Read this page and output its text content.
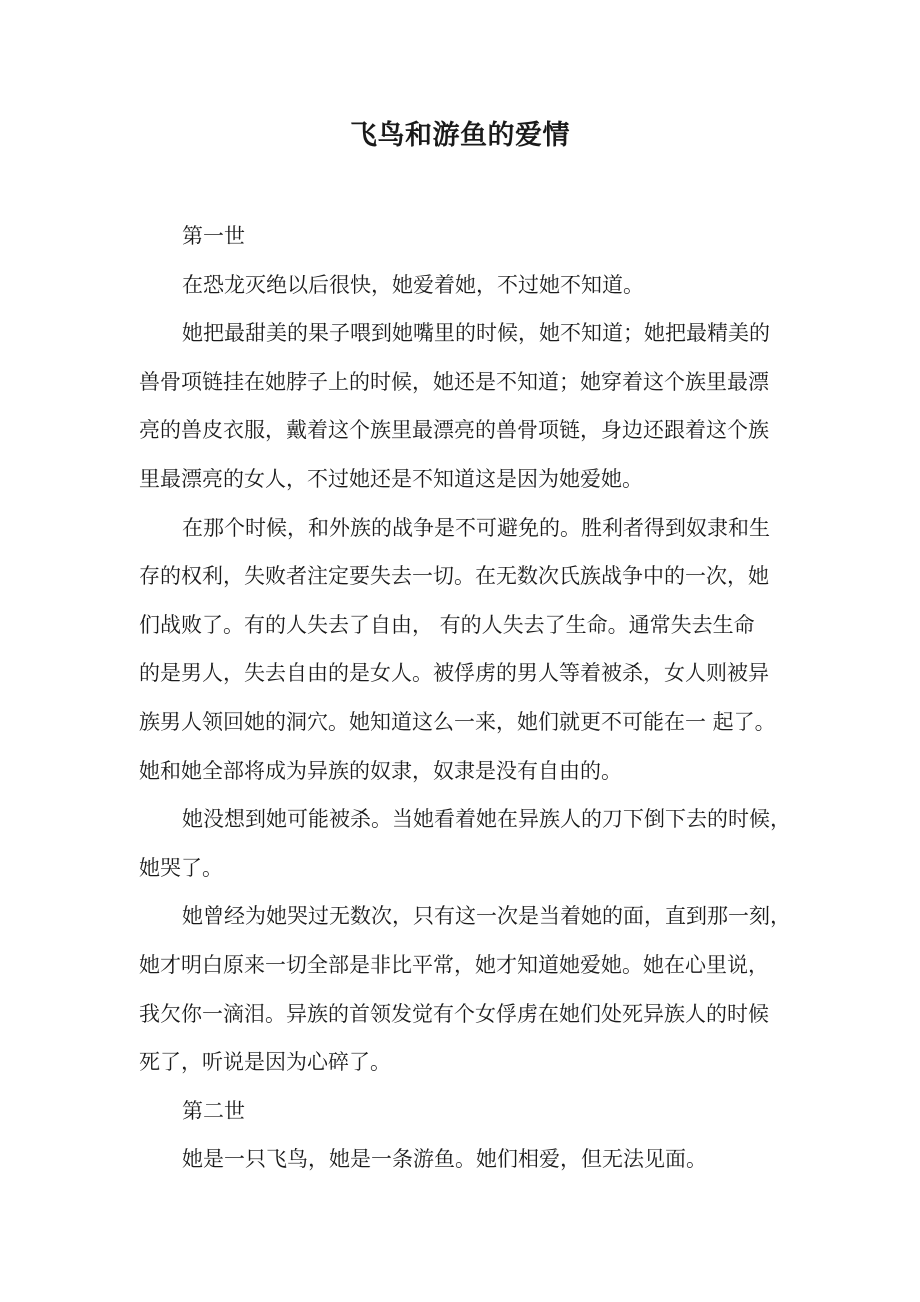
飞鸟和游鱼的爱情
第一世
在恐龙灭绝以后很快，她爱着她，不过她不知道。
她把最甜美的果子喂到她嘴里的时候，她不知道；她把最精美的
兽骨项链挂在她脖子上的时候，她还是不知道；她穿着这个族里最漂
亮的兽皮衣服，戴着这个族里最漂亮的兽骨项链，身边还跟着这个族
里最漂亮的女人，不过她还是不知道这是因为她爱她。
在那个时候，和外族的战争是不可避免的。胜利者得到奴隶和生
存的权利，失败者注定要失去一切。在无数次氏族战争中的一次，她
们战败了。有的人失去了自由， 有的人失去了生命。通常失去生命
的是男人，失去自由的是女人。被俘虏的男人等着被杀，女人则被异
族男人领回她的洞穴。她知道这么一来，她们就更不可能在一 起了。
她和她全部将成为异族的奴隶，奴隶是没有自由的。
她没想到她可能被杀。当她看着她在异族人的刀下倒下去的时候，
她哭了。
她曾经为她哭过无数次，只有这一次是当着她的面，直到那一刻，
她才明白原来一切全部是非比平常，她才知道她爱她。她在心里说，
我欠你一滴泪。异族的首领发觉有个女俘虏在她们处死异族人的时候
死了，听说是因为心碎了。
第二世
她是一只飞鸟，她是一条游鱼。她们相爱，但无法见面。
